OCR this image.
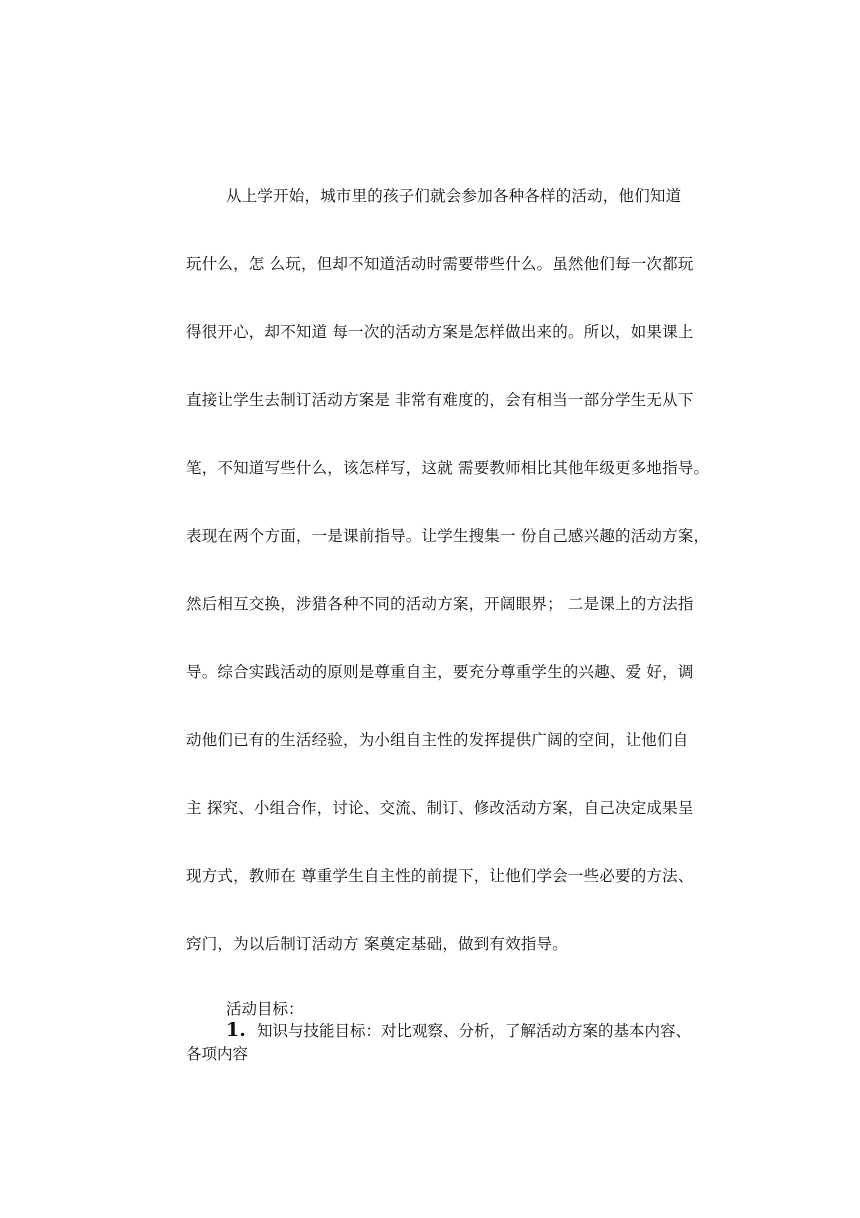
从上学开始，城市里的孩子们就会参加各种各样的活动，他们知道
玩什么，怎 么玩，但却不知道活动时需要带些什么。虽然他们每一次都玩
得很开心，却不知道 每一次的活动方案是怎样做出来的。所以，如果课上
直接让学生去制订活动方案是 非常有难度的，会有相当一部分学生无从下
笔，不知道写些什么，该怎样写，这就 需要教师相比其他年级更多地指导。
表现在两个方面，一是课前指导。让学生搜集一 份自己感兴趣的活动方案，
然后相互交换，涉猎各种不同的活动方案，开阔眼界； 二是课上的方法指
导。综合实践活动的原则是尊重自主，要充分尊重学生的兴趣、爱 好，调
动他们已有的生活经验，为小组自主性的发挥提供广阔的空间，让他们自
主 探究、小组合作，讨论、交流、制订、修改活动方案，自己决定成果呈
现方式，教师在 尊重学生自主性的前提下，让他们学会一些必要的方法、
窍门，为以后制订活动方 案奠定基础，做到有效指导。
活动目标：
1. 知识与技能目标：对比观察、分析，了解活动方案的基本内容、
各项内容
